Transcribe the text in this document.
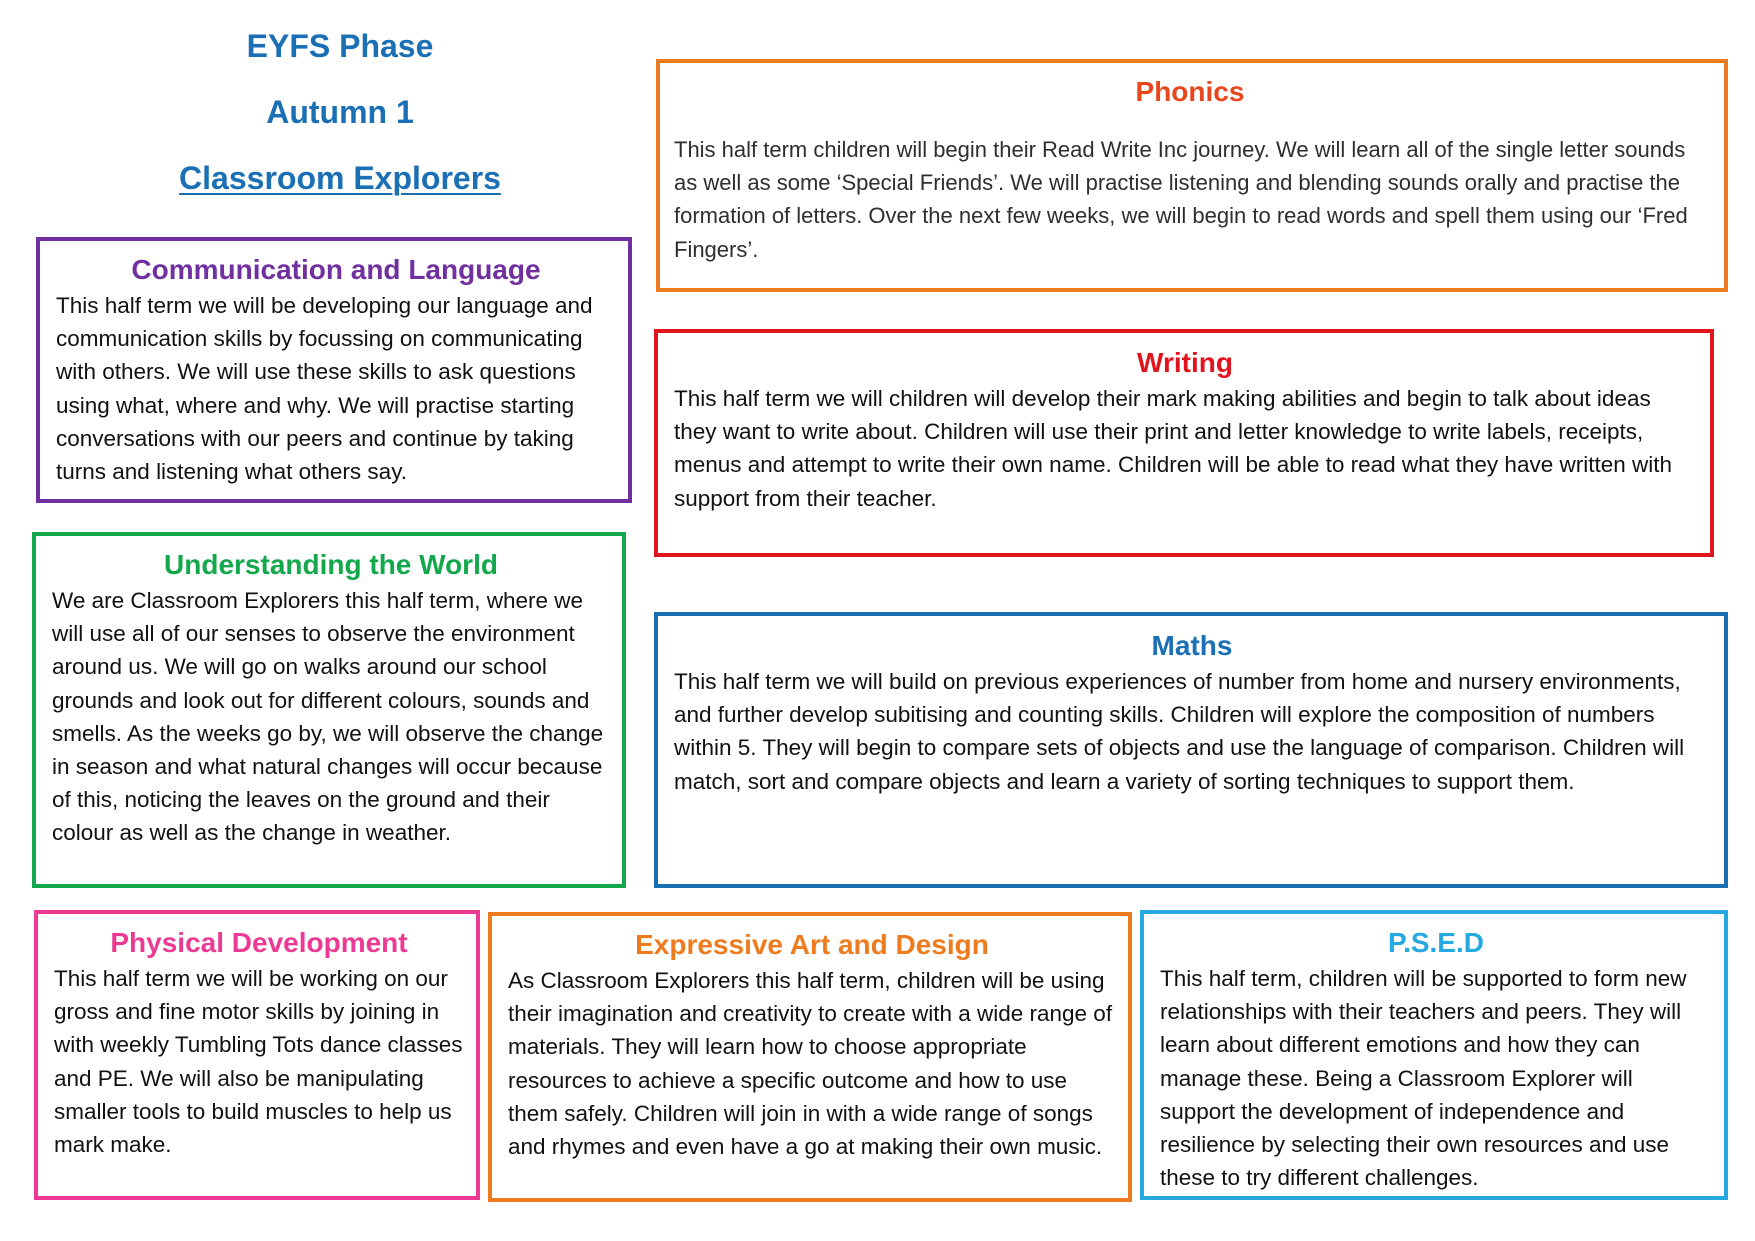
EYFS Phase
Autumn 1
Classroom Explorers
Phonics

This half term children will begin their Read Write Inc journey. We will learn all of the single letter sounds as well as some ‘Special Friends’. We will practise listening and blending sounds orally and practise the formation of letters. Over the next few weeks, we will begin to read words and spell them using our ‘Fred Fingers’.

Communication and Language

This half term we will be developing our language and communication skills by focussing on communicating with others. We will use these skills to ask questions using what, where and why. We will practise starting conversations with our peers and continue by taking turns and listening what others say.

Writing

This half term we will children will develop their mark making abilities and begin to talk about ideas they want to write about. Children will use their print and letter knowledge to write labels, receipts, menus and attempt to write their own name. Children will be able to read what they have written with support from their teacher.

Understanding the World

We are Classroom Explorers this half term, where we will use all of our senses to observe the environment around us. We will go on walks around our school grounds and look out for different colours, sounds and smells. As the weeks go by, we will observe the change in season and what natural changes will occur because of this, noticing the leaves on the ground and their colour as well as the change in weather.

Maths

This half term we will build on previous experiences of number from home and nursery environments, and further develop subitising and counting skills. Children will explore the composition of numbers within 5. They will begin to compare sets of objects and use the language of comparison. Children will match, sort and compare objects and learn a variety of sorting techniques to support them.

Physical Development

This half term we will be working on our gross and fine motor skills by joining in with weekly Tumbling Tots dance classes and PE. We will also be manipulating smaller tools to build muscles to help us mark make.

Expressive Art and Design

As Classroom Explorers this half term, children will be using their imagination and creativity to create with a wide range of materials. They will learn how to choose appropriate resources to achieve a specific outcome and how to use them safely. Children will join in with a wide range of songs and rhymes and even have a go at making their own music.

P.S.E.D

This half term, children will be supported to form new relationships with their teachers and peers. They will learn about different emotions and how they can manage these. Being a Classroom Explorer will support the development of independence and resilience by selecting their own resources and use these to try different challenges.
